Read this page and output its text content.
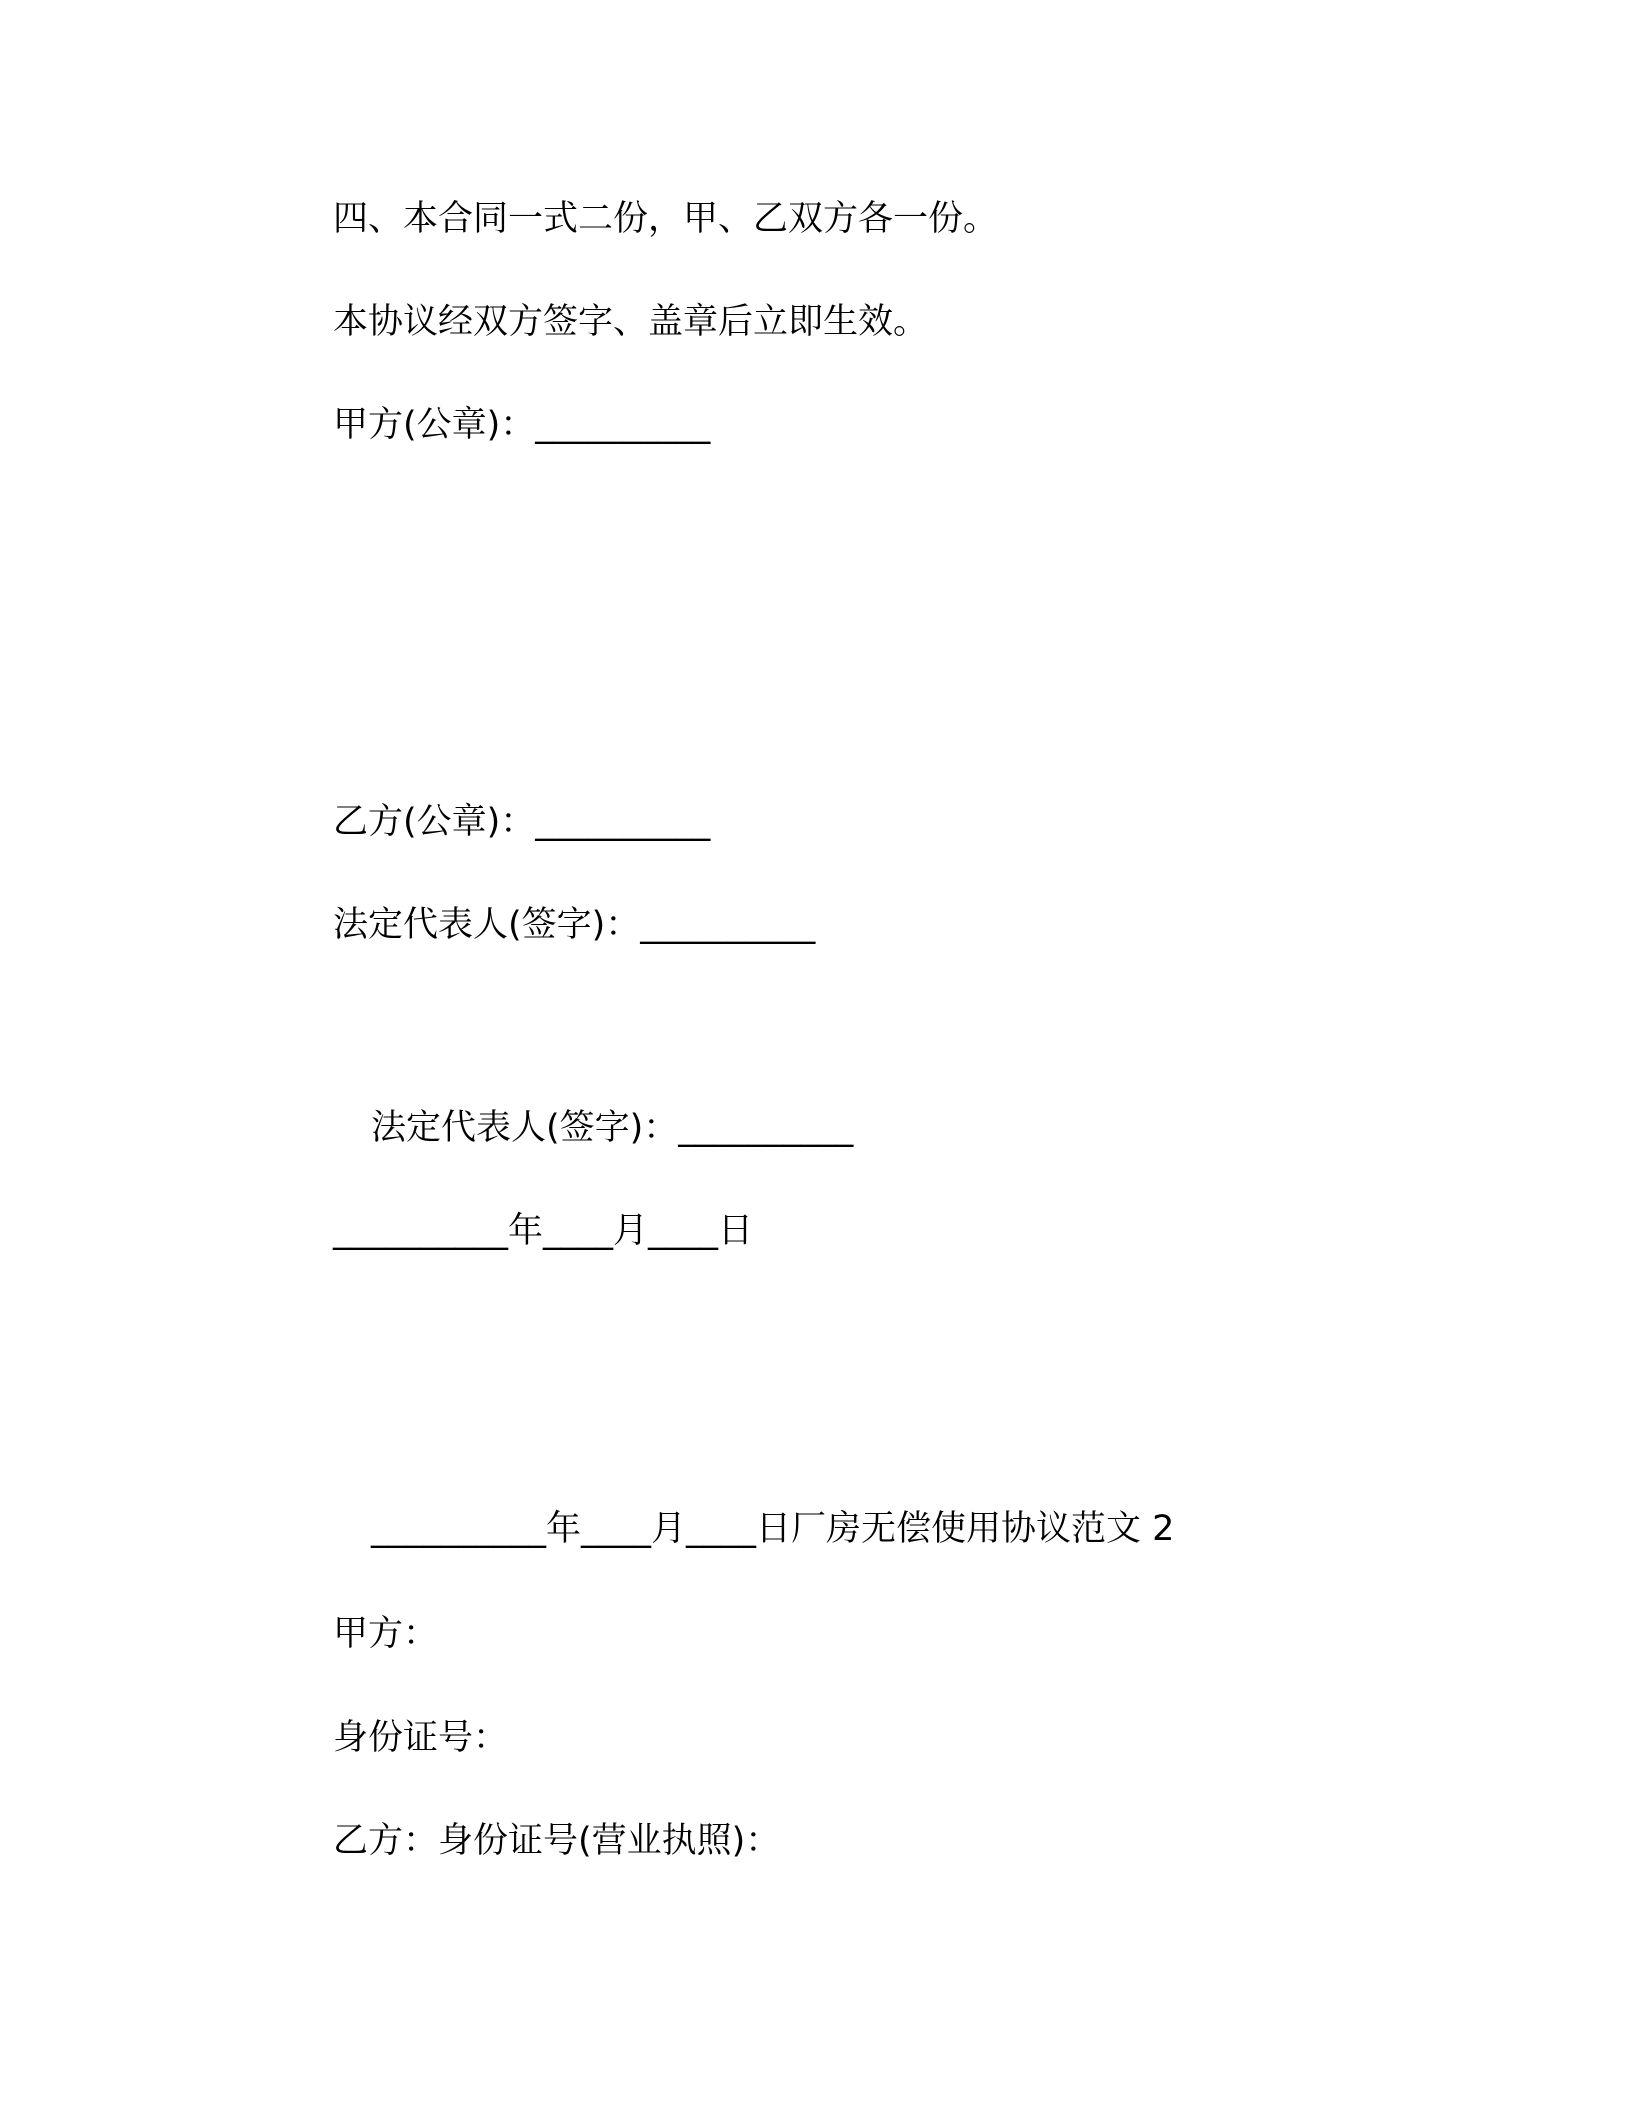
四、本合同一式二份，甲、乙双方各一份。
本协议经双方签字、盖章后立即生效。
甲方(公章)：__________
乙方(公章)：__________
法定代表人(签字)：__________
法定代表人(签字)：__________
__________年____月____日
__________年____月____日厂房无偿使用协议范文 2
甲方：
身份证号：
乙方：身份证号(营业执照)：
